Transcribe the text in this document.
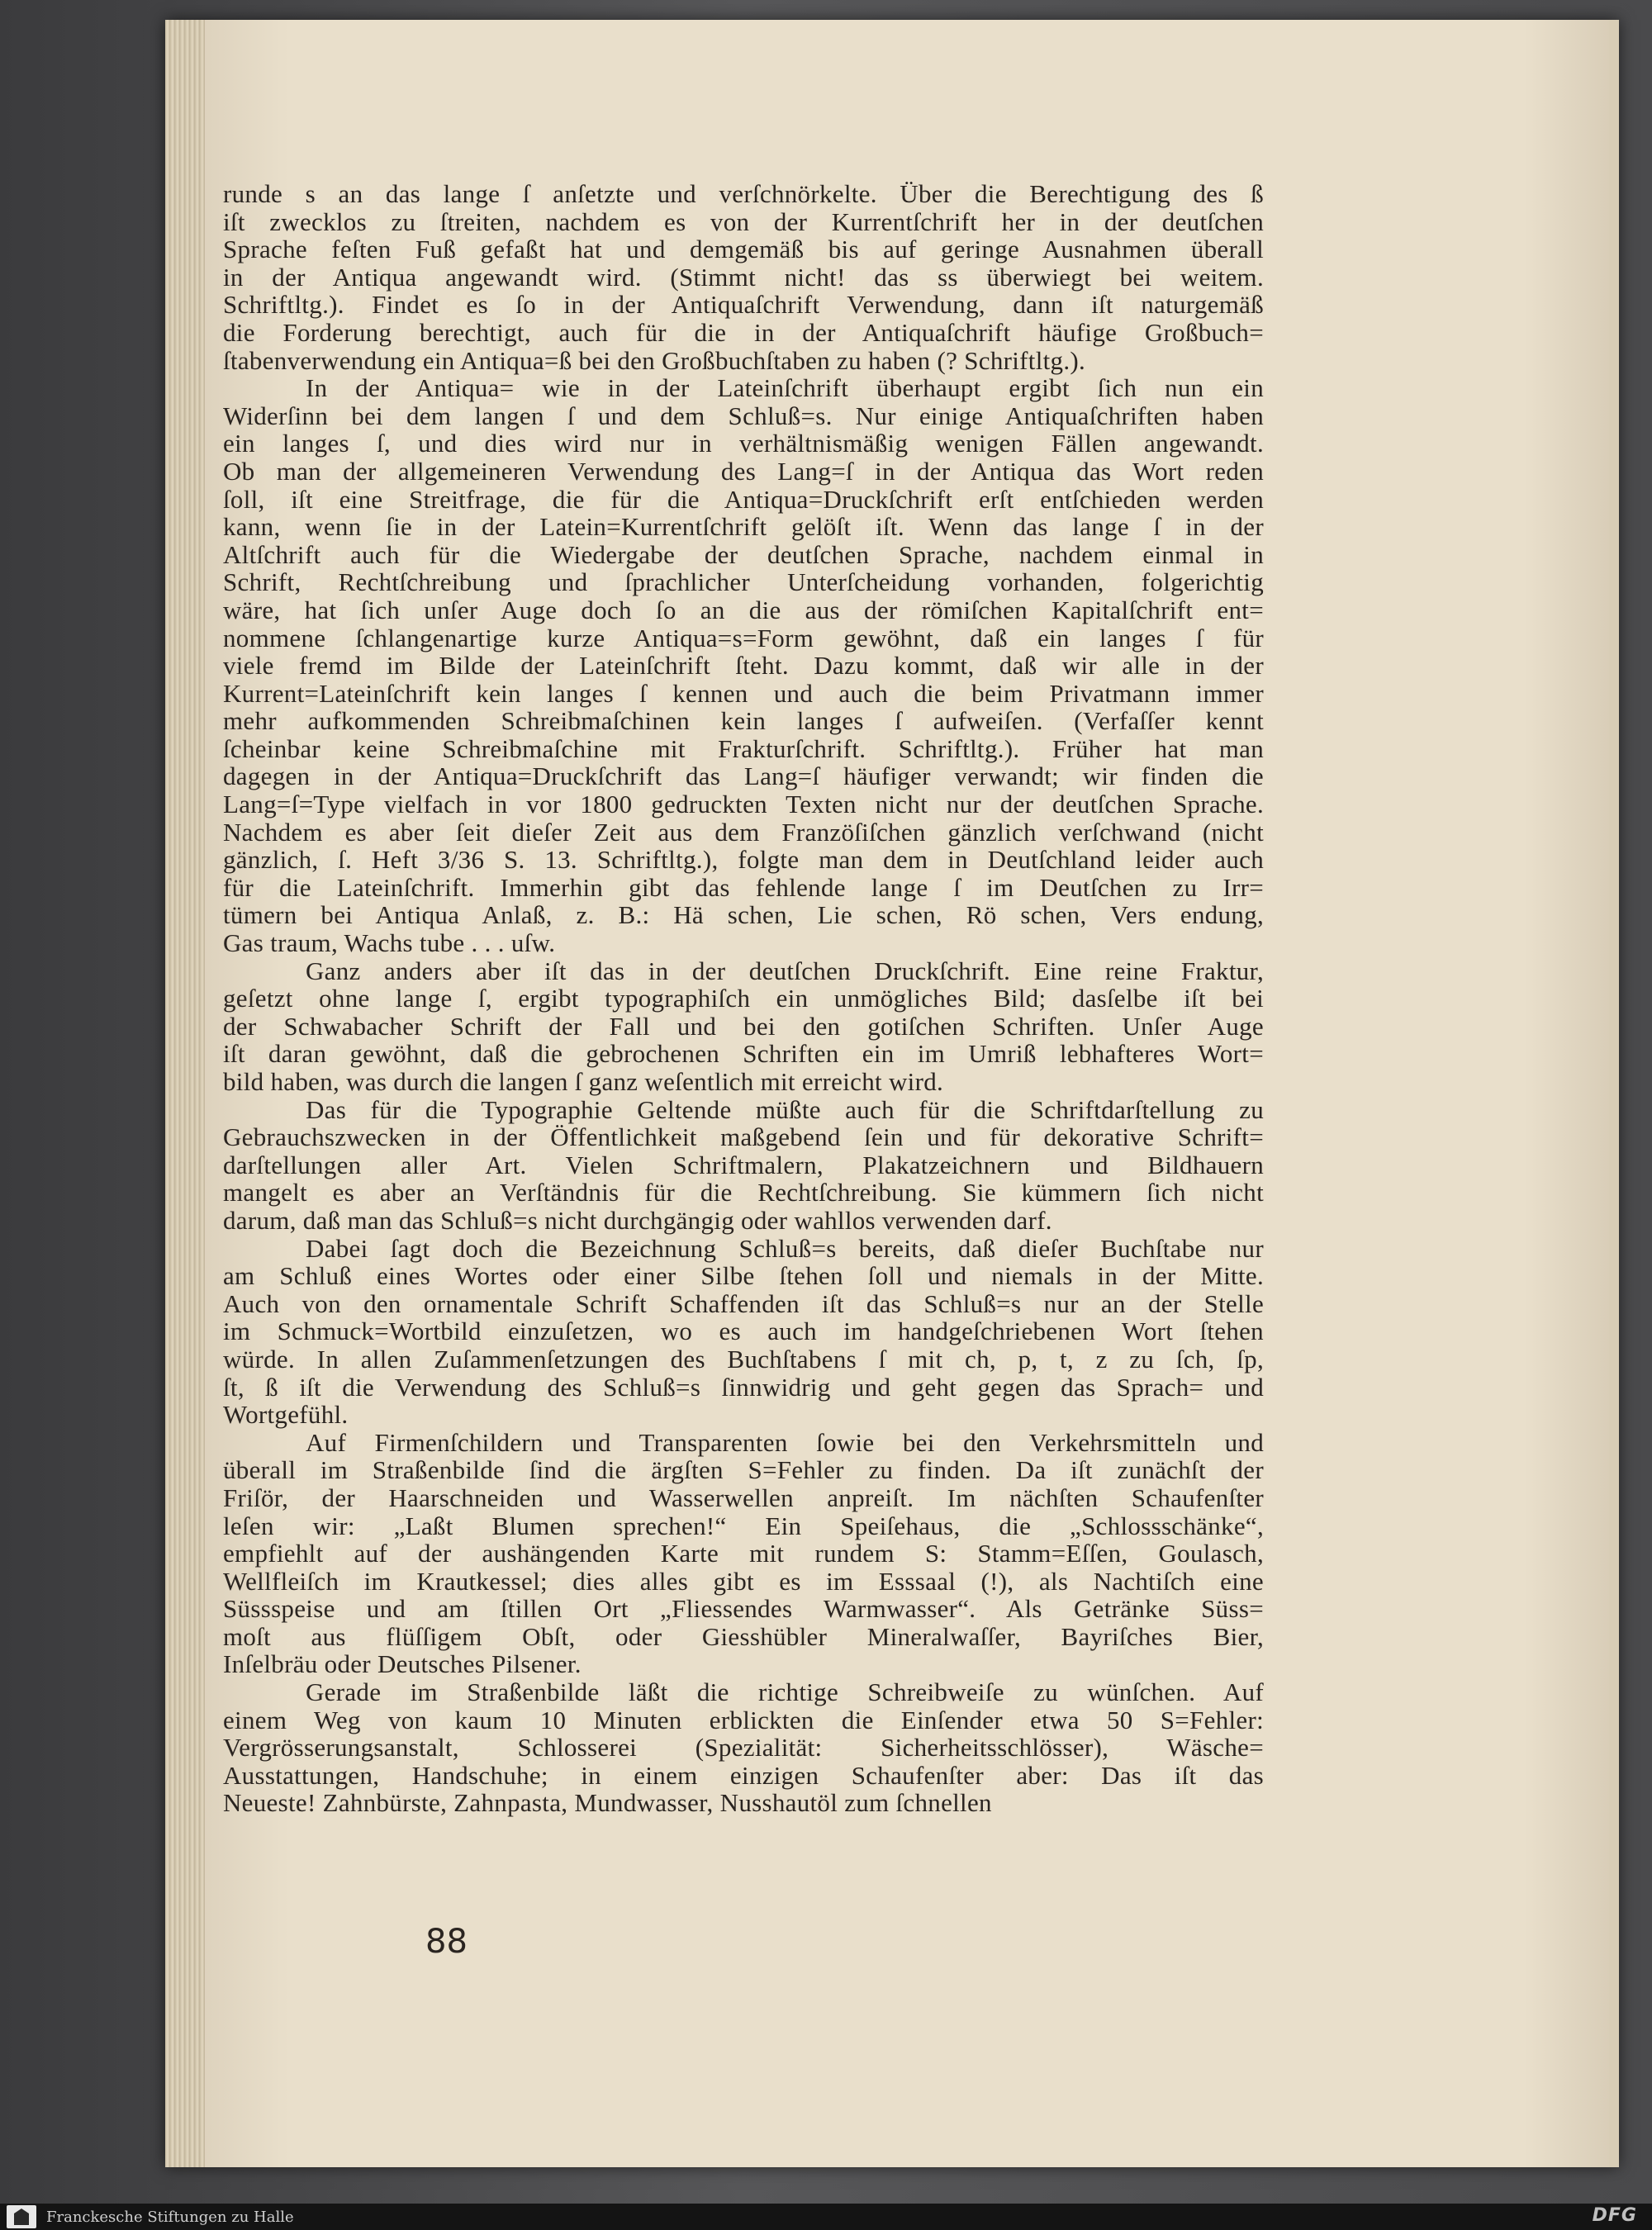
runde s an das lange ſ anſetzte und verſchnörkelte. Über die Berechtigung des ß
iſt zwecklos zu ſtreiten, nachdem es von der Kurrentſchrift her in der deutſchen
Sprache feſten Fuß gefaßt hat und demgemäß bis auf geringe Ausnahmen überall
in der Antiqua angewandt wird. (Stimmt nicht! das ss überwiegt bei weitem.
Schriftltg.). Findet es ſo in der Antiquaſchrift Verwendung, dann iſt naturgemäß
die Forderung berechtigt, auch für die in der Antiquaſchrift häufige Großbuch=
ſtabenverwendung ein Antiqua=ß bei den Großbuchſtaben zu haben (? Schriftltg.).
In der Antiqua= wie in der Lateinſchrift überhaupt ergibt ſich nun ein
Widerſinn bei dem langen ſ und dem Schluß=s. Nur einige Antiquaſchriften haben
ein langes ſ, und dies wird nur in verhältnismäßig wenigen Fällen angewandt.
Ob man der allgemeineren Verwendung des Lang=ſ in der Antiqua das Wort reden
ſoll, iſt eine Streitfrage, die für die Antiqua=Druckſchrift erſt entſchieden werden
kann, wenn ſie in der Latein=Kurrentſchrift gelöſt iſt. Wenn das lange ſ in der
Altſchrift auch für die Wiedergabe der deutſchen Sprache, nachdem einmal in
Schrift, Rechtſchreibung und ſprachlicher Unterſcheidung vorhanden, folgerichtig
wäre, hat ſich unſer Auge doch ſo an die aus der römiſchen Kapitalſchrift ent=
nommene ſchlangenartige kurze Antiqua=s=Form gewöhnt, daß ein langes ſ für
viele fremd im Bilde der Lateinſchrift ſteht. Dazu kommt, daß wir alle in der
Kurrent=Lateinſchrift kein langes ſ kennen und auch die beim Privatmann immer
mehr aufkommenden Schreibmaſchinen kein langes ſ aufweiſen. (Verfaſſer kennt
ſcheinbar keine Schreibmaſchine mit Frakturſchrift. Schriftltg.). Früher hat man
dagegen in der Antiqua=Druckſchrift das Lang=ſ häufiger verwandt; wir finden die
Lang=ſ=Type vielfach in vor 1800 gedruckten Texten nicht nur der deutſchen Sprache.
Nachdem es aber ſeit dieſer Zeit aus dem Franzöſiſchen gänzlich verſchwand (nicht
gänzlich, ſ. Heft 3/36 S. 13. Schriftltg.), folgte man dem in Deutſchland leider auch
für die Lateinſchrift. Immerhin gibt das fehlende lange ſ im Deutſchen zu Irr=
tümern bei Antiqua Anlaß, z. B.: Hä schen, Lie schen, Rö schen, Vers endung,
Gas traum, Wachs tube . . . uſw.
Ganz anders aber iſt das in der deutſchen Druckſchrift. Eine reine Fraktur,
geſetzt ohne lange ſ, ergibt typographiſch ein unmögliches Bild; dasſelbe iſt bei
der Schwabacher Schrift der Fall und bei den gotiſchen Schriften. Unſer Auge
iſt daran gewöhnt, daß die gebrochenen Schriften ein im Umriß lebhafteres Wort=
bild haben, was durch die langen ſ ganz weſentlich mit erreicht wird.
Das für die Typographie Geltende müßte auch für die Schriftdarſtellung zu
Gebrauchszwecken in der Öffentlichkeit maßgebend ſein und für dekorative Schrift=
darſtellungen aller Art. Vielen Schriftmalern, Plakatzeichnern und Bildhauern
mangelt es aber an Verſtändnis für die Rechtſchreibung. Sie kümmern ſich nicht
darum, daß man das Schluß=s nicht durchgängig oder wahllos verwenden darf.
Dabei ſagt doch die Bezeichnung Schluß=s bereits, daß dieſer Buchſtabe nur
am Schluß eines Wortes oder einer Silbe ſtehen ſoll und niemals in der Mitte.
Auch von den ornamentale Schrift Schaffenden iſt das Schluß=s nur an der Stelle
im Schmuck=Wortbild einzuſetzen, wo es auch im handgeſchriebenen Wort ſtehen
würde. In allen Zuſammenſetzungen des Buchſtabens ſ mit ch, p, t, z zu ſch, ſp,
ſt, ß iſt die Verwendung des Schluß=s ſinnwidrig und geht gegen das Sprach= und
Wortgefühl.
Auf Firmenſchildern und Transparenten ſowie bei den Verkehrsmitteln und
überall im Straßenbilde ſind die ärgſten S=Fehler zu finden. Da iſt zunächſt der
Friſör, der Haarschneiden und Wasserwellen anpreiſt. Im nächſten Schaufenſter
leſen wir: „Laßt Blumen sprechen!“ Ein Speiſehaus, die „Schlossschänke“,
empfiehlt auf der aushängenden Karte mit rundem S: Stamm=Eſſen, Goulasch,
Wellfleiſch im Krautkessel; dies alles gibt es im Esssaal (!), als Nachtiſch eine
Süssspeise und am ſtillen Ort „Fliessendes Warmwasser“. Als Getränke Süss=
moſt aus flüſſigem Obſt, oder Giesshübler Mineralwaſſer, Bayriſches Bier,
Inſelbräu oder Deutsches Pilsener.
Gerade im Straßenbilde läßt die richtige Schreibweiſe zu wünſchen. Auf
einem Weg von kaum 10 Minuten erblickten die Einſender etwa 50 S=Fehler:
Vergrösserungsanstalt, Schlosserei (Spezialität: Sicherheitsschlösser), Wäsche=
Ausstattungen, Handschuhe; in einem einzigen Schaufenſter aber: Das iſt das
Neueste! Zahnbürste, Zahnpasta, Mundwasser, Nusshautöl zum ſchnellen
88
Franckesche Stiftungen zu Halle	DFG
